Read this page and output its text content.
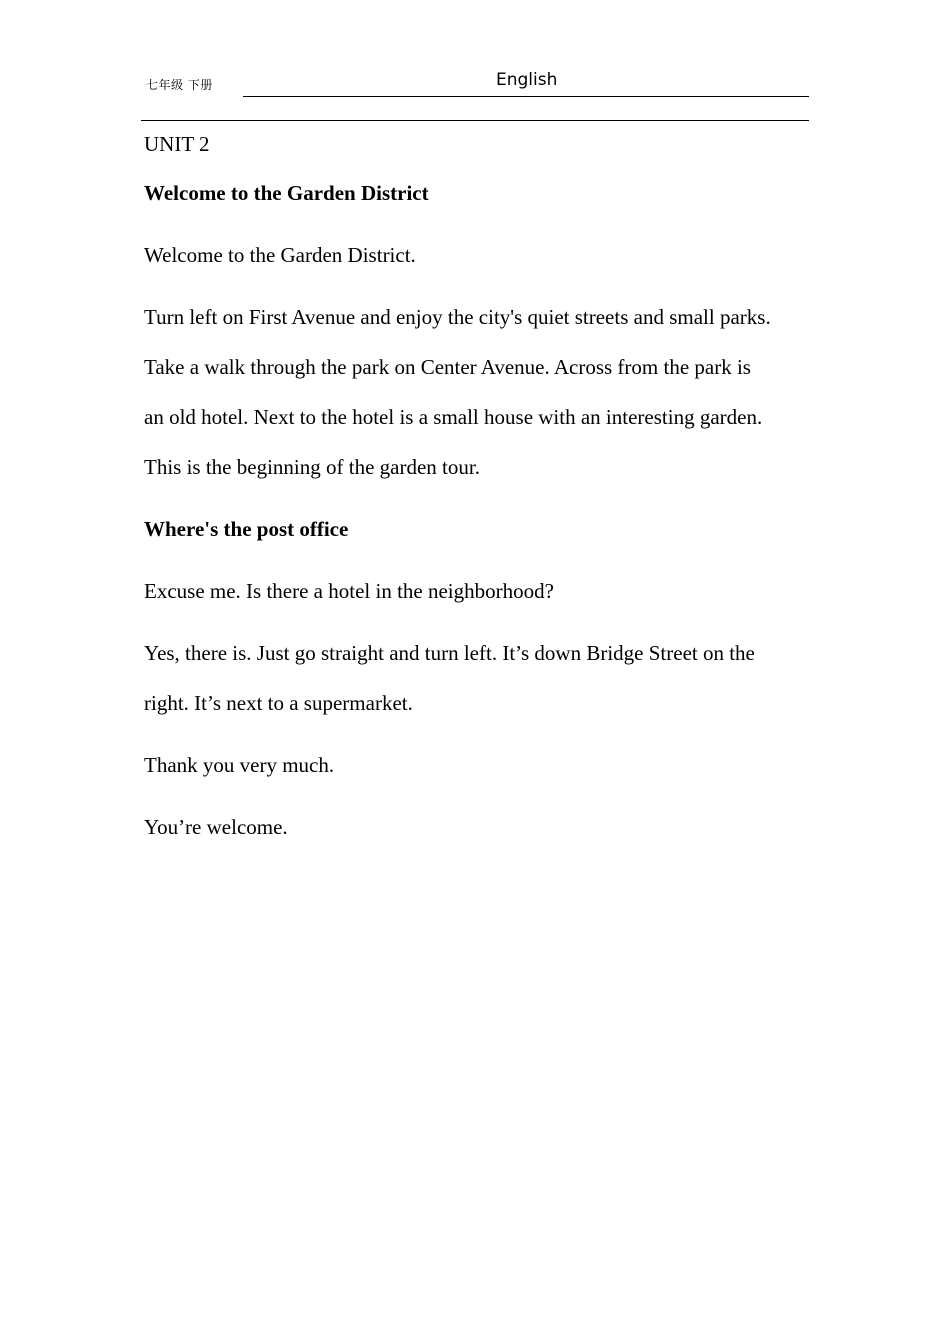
七年级 下册	English
UNIT 2
Welcome to the Garden District
Welcome to the Garden District.
Turn left on First Avenue and enjoy the city's quiet streets and small parks.
Take a walk through the park on Center Avenue. Across from the park is
an old hotel. Next to the hotel is a small house with an interesting garden.
This is the beginning of the garden tour.
Where's the post office
Excuse me. Is there a hotel in the neighborhood?
Yes, there is. Just go straight and turn left. It’s down Bridge Street on the
right. It’s next to a supermarket.
Thank you very much.
You’re welcome.
